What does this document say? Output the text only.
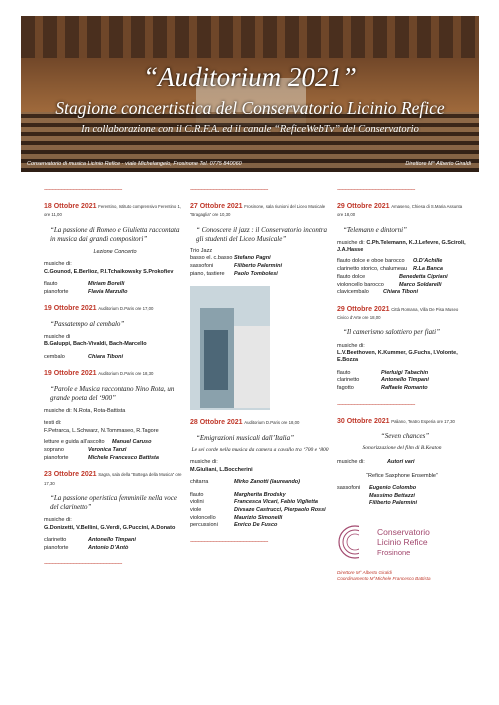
“Auditorium 2021”
Stagione concertistica del Conservatorio Licinio Refice
In collaborazione con il C.R.F.A. ed il canale “ReficeWebTv” del Conservatorio
Conservatorio di musica Licinio Refice · viale Michelangelo, Frosinone Tel. 0775 840060	Direttore M° Alberto Giraldi
----------------------------------------------------
18 Ottobre 2021 Ferentino, Istituto comprensivo Ferentino 1, ore 11,00
“La passione di Romeo e Giulietta raccontata in musica dai grandi compositori”
Lezione Concerto
musiche di:
C.Gounod, E.Berlioz, P.I.Tchaikowsky S.Prokofiev
flauto	Miriam Borelli
pianoforte	Flavia Marzullo
19 Ottobre 2021 Auditorium D.Paris ore 17,00
“Passatempo al cembalo”
musiche di
B.Galuppi, Bach-Vivaldi, Bach-Marcello
cembalo	Chiara Tiboni
19 Ottobre 2021 Auditorium D.Paris ore 18,30
“Parole e Musica raccontano Nino Rota, un grande poeta del ‘900”
musiche di: N.Rota, Rota-Battista
testi di:
F.Petrarca, L.Schwarz, N.Tommaseo, R.Tagore
letture e guida all’ascolto	Manuel Caruso
soprano	Veronica Tanzi
pianoforte	Michele Francesco Battista
23 Ottobre 2021 Sagra, sala della “Bottega della Musica” ore 17,30
“La passione operistica femminile nella voce del clarinetto”
musiche di:
G.Donizetti, V.Bellini, G.Verdi, G.Puccini, A.Donato
clarinetto	Antonello Timpani
pianoforte	Antonio D’Antò
----------------------------------------------------
----------------------------------------------------
27 Ottobre 2021 Frosinone, sala riunioni del Liceo Musicale “Bragaglia” ore 10,30
“ Conoscere il jazz : il Conservatorio incontra gli studenti del Liceo Musicale”
Trio Jazz
basso el. c.basso Stefano Pagni
sassofoni	Filiberto Palermini
piano, tastiere	Paolo Tombolesi
28 Ottobre 2021 Auditorium D.Paris ore 18,00
“Emigrazioni musicali dall’Italia”
Le sei corde nella musica da camera a cavallo tra ‘700 e ‘800
musiche di:
M.Giuliani, L.Boccherini
chitarra	Mirko Zanotti (laureando)
flauto	Margherita Brodsky
violini	Francesca Vicari, Fabio Viglietta
viole	Divsaze Castrucci, Pierpaolo Rossi
violoncello	Maurizio Simonelli
percussioni	Enrico De Fusco
----------------------------------------------------
----------------------------------------------------
29 Ottobre 2021 Amaseno, Chiesa di S.Maria Assunta ore 18,00
“Telemann e dintorni”
musiche di: C.Ph.Telemann, K.J.Lefevre, G.Sciroli, J.A.Hasse
flauto dolce e oboe barocco	O.D’Achille
clarinetto storico, chalumeau	R.La Banca
flauto dolce	Benedetta Cipriani
violoncello barocco	Marco Soldarelli
clavicembalo	Chiara Tiboni
29 Ottobre 2021 Città Romana, Villa De Pisa Museo Civico d’Arte ore 18,00
“Il camerismo salottiero per fiati”
musiche di:
L.V.Beethoven, K.Kummer, G.Fuchs, I.Volonte, E.Bozza
flauto	Pierluigi Tabachin
clarinetto	Antonello Timpani
fagotto	Raffaele Romanto
----------------------------------------------------
30 Ottobre 2021 Paliano, Teatro Esperia ore 17,30
“Seven chances”
Sonorizzazione del film di B.Keaton
musiche di:	Autori vari
“Refice Saxphone Ensemble”
sassofoni	Eugenio Colombo
Massimo Bettazzi
Filiberto Palermini
Conservatorio
Licinio Refice
Frosinone
Direttore M° Alberto Giraldi
Coordinamento M°Michele Francesco Battista
